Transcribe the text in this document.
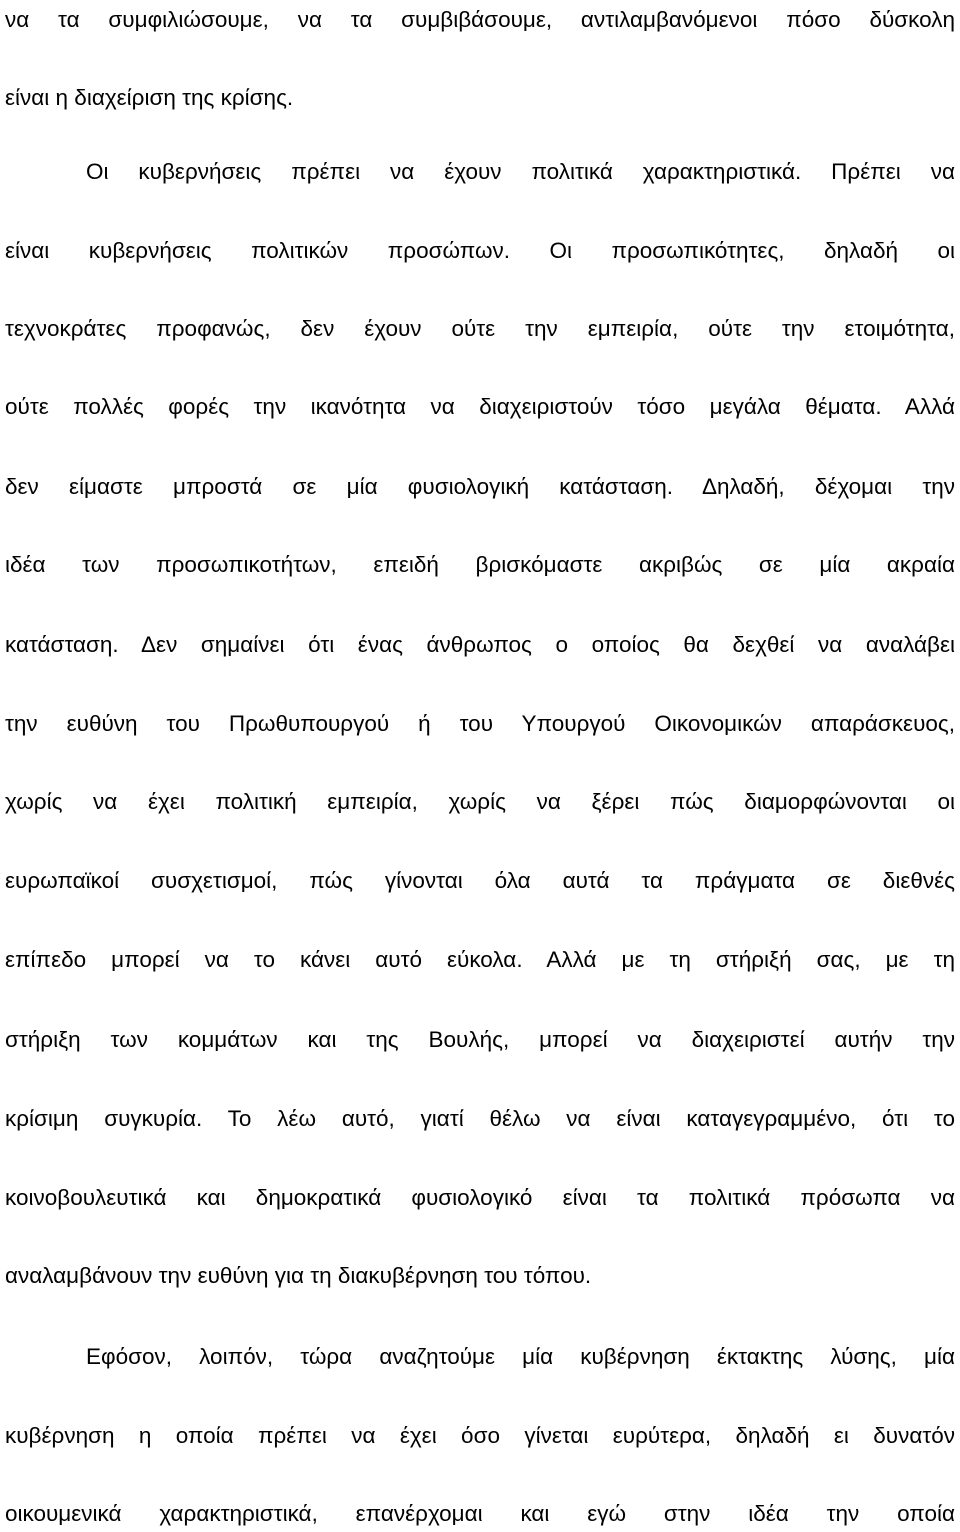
να τα συμφιλιώσουμε, να τα συμβιβάσουμε, αντιλαμβανόμενοι πόσο δύσκολη
είναι η διαχείριση της κρίσης.
Οι κυβερνήσεις πρέπει να έχουν πολιτικά χαρακτηριστικά. Πρέπει να
είναι κυβερνήσεις πολιτικών προσώπων. Οι προσωπικότητες, δηλαδή οι
τεχνοκράτες προφανώς, δεν έχουν ούτε την εμπειρία, ούτε την ετοιμότητα,
ούτε πολλές φορές την ικανότητα να διαχειριστούν τόσο μεγάλα θέματα. Αλλά
δεν είμαστε μπροστά σε μία φυσιολογική κατάσταση. Δηλαδή, δέχομαι την
ιδέα των προσωπικοτήτων, επειδή βρισκόμαστε ακριβώς σε μία ακραία
κατάσταση. Δεν σημαίνει ότι ένας άνθρωπος ο οποίος θα δεχθεί να αναλάβει
την ευθύνη του Πρωθυπουργού ή του Υπουργού Οικονομικών απαράσκευος,
χωρίς να έχει πολιτική εμπειρία, χωρίς να ξέρει πώς διαμορφώνονται οι
ευρωπαϊκοί συσχετισμοί, πώς γίνονται όλα αυτά τα πράγματα σε διεθνές
επίπεδο μπορεί να το κάνει αυτό εύκολα. Αλλά με τη στήριξή σας, με τη
στήριξη των κομμάτων και της Βουλής, μπορεί να διαχειριστεί αυτήν την
κρίσιμη συγκυρία. Το λέω αυτό, γιατί θέλω να είναι καταγεγραμμένο, ότι το
κοινοβουλευτικά και δημοκρατικά φυσιολογικό είναι τα πολιτικά πρόσωπα να
αναλαμβάνουν την ευθύνη για τη διακυβέρνηση του τόπου.
Εφόσον, λοιπόν, τώρα αναζητούμε μία κυβέρνηση έκτακτης λύσης, μία
κυβέρνηση η οποία πρέπει να έχει όσο γίνεται ευρύτερα, δηλαδή ει δυνατόν
οικουμενικά χαρακτηριστικά, επανέρχομαι και εγώ στην ιδέα την οποία
